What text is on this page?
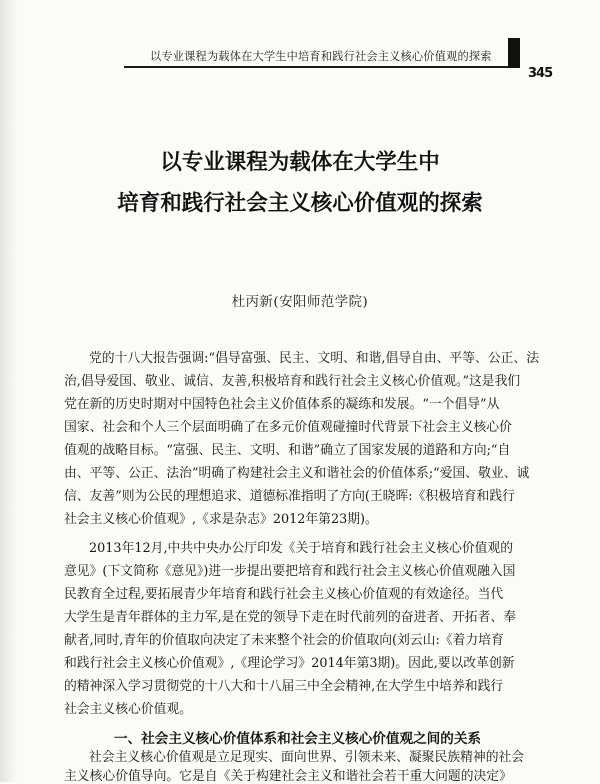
以专业课程为载体在大学生中培育和践行社会主义核心价值观的探索
345
以专业课程为载体在大学生中
培育和践行社会主义核心价值观的探索
杜丙新(安阳师范学院)
党的十八大报告强调:“倡导富强、民主、文明、和谐,倡导自由、平等、公正、法
治,倡导爱国、敬业、诚信、友善,积极培育和践行社会主义核心价值观。”这是我们
党在新的历史时期对中国特色社会主义价值体系的凝练和发展。“一个倡导”从
国家、社会和个人三个层面明确了在多元价值观碰撞时代背景下社会主义核心价
值观的战略目标。“富强、民主、文明、和谐”确立了国家发展的道路和方向;“自
由、平等、公正、法治”明确了构建社会主义和谐社会的价值体系;“爱国、敬业、诚
信、友善”则为公民的理想追求、道德标准指明了方向(王晓晖:《积极培育和践行
社会主义核心价值观》,《求是杂志》2012年第23期)。
2013年12月,中共中央办公厅印发《关于培育和践行社会主义核心价值观的
意见》(下文简称《意见》)进一步提出要把培育和践行社会主义核心价值观融入国
民教育全过程,要拓展青少年培育和践行社会主义核心价值观的有效途径。当代
大学生是青年群体的主力军,是在党的领导下走在时代前列的奋进者、开拓者、奉
献者,同时,青年的价值取向决定了未来整个社会的价值取向(刘云山:《着力培育
和践行社会主义核心价值观》,《理论学习》2014年第3期)。因此,要以改革创新
的精神深入学习贯彻党的十八大和十八届三中全会精神,在大学生中培养和践行
社会主义核心价值观。
一、社会主义核心价值体系和社会主义核心价值观之间的关系
社会主义核心价值观是立足现实、面向世界、引领未来、凝聚民族精神的社会
主义核心价值导向。它是自《关于构建社会主义和谐社会若干重大问题的决定》
